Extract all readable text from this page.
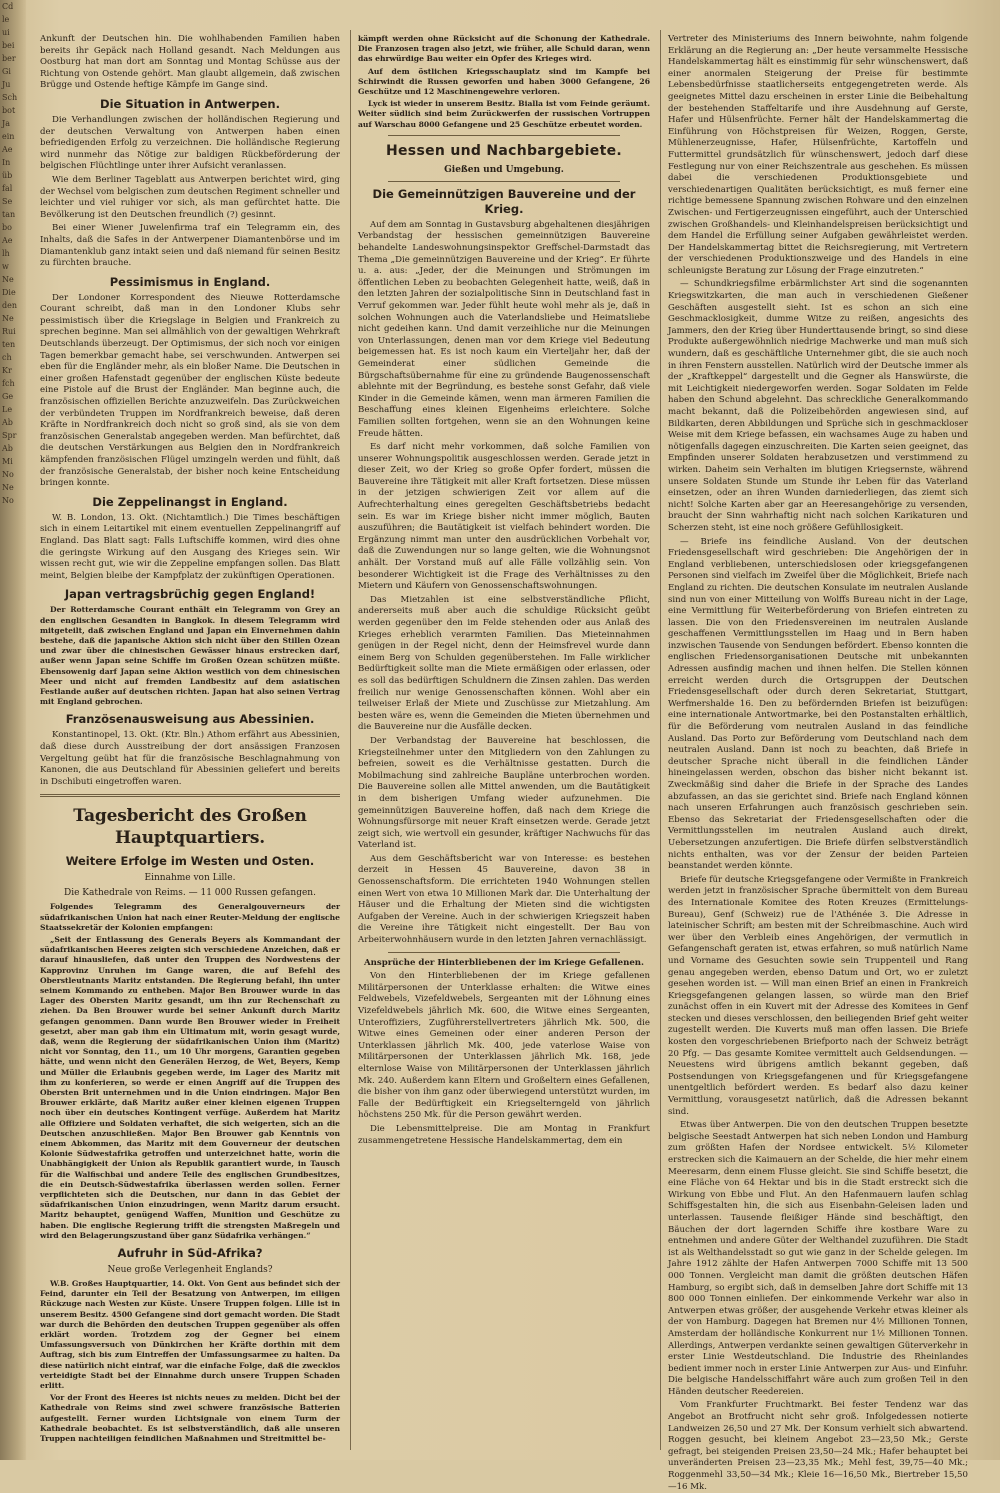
Cd
le
ui
bei
ber
Gi
Ju
Sch
bot
Ja
ein
Ae
In
üb
fal
Se
tan
bo
Ae
lh
w
Ne
Die
den
Ne
Rui
ten
ch
Kr
fch
Ge
Le
Ab
Spr
Ab
Mi
No
Ne
No

Ankunft der Deutschen hin. Die wohlhabenden Familien haben bereits ihr Gepäck nach Holland gesandt. Nach Meldungen aus Oostburg hat man dort am Sonntag und Montag Schüsse aus der Richtung von Ostende gehört. Man glaubt allgemein, daß zwischen Brügge und Ostende heftige Kämpfe im Gange sind.

Die Situation in Antwerpen.

Die Verhandlungen zwischen der holländischen Regierung und der deutschen Verwaltung von Antwerpen haben einen befriedigenden Erfolg zu verzeichnen. Die holländische Regierung wird nunmehr das Nötige zur baldigen Rückbeförderung der belgischen Flüchtlinge unter ihrer Aufsicht veranlassen.

Wie dem Berliner Tageblatt aus Antwerpen berichtet wird, ging der Wechsel vom belgischen zum deutschen Regiment schneller und leichter und viel ruhiger vor sich, als man gefürchtet hatte. Die Bevölkerung ist den Deutschen freundlich (?) gesinnt.

Bei einer Wiener Juwelenfirma traf ein Telegramm ein, des Inhalts, daß die Safes in der Antwerpener Diamantenbörse und im Diamantenklub ganz intakt seien und daß niemand für seinen Besitz zu fürchten brauche.

Pessimismus in England.

Der Londoner Korrespondent des Nieuwe Rotterdamsche Courant schreibt, daß man in den Londoner Klubs sehr pessimistisch über die Kriegslage in Belgien und Frankreich zu sprechen beginne. Man sei allmählich von der gewaltigen Wehrkraft Deutschlands überzeugt. Der Optimismus, der sich noch vor einigen Tagen bemerkbar gemacht habe, sei verschwunden. Antwerpen sei eben für die Engländer mehr, als ein bloßer Name. Die Deutschen in einer großen Hafenstadt gegenüber der englischen Küste bedeute eine Pistole auf die Brust der Engländer. Man beginne auch, die französischen offiziellen Berichte anzuzweifeln. Das Zurückweichen der verbündeten Truppen im Nordfrankreich beweise, daß deren Kräfte in Nordfrankreich doch nicht so groß sind, als sie von dem französischen Generalstab angegeben werden. Man befürchtet, daß die deutschen Verstärkungen aus Belgien den in Nordfrankreich kämpfenden französischen Flügel umzingeln werden und fühlt, daß der französische Generalstab, der bisher noch keine Entscheidung bringen konnte.

Die Zeppelinangst in England.

W. B. London, 13. Okt. (Nichtamtlich.) Die Times beschäftigen sich in einem Leitartikel mit einem eventuellen Zeppelinangriff auf England. Das Blatt sagt: Falls Luftschiffe kommen, wird dies ohne die geringste Wirkung auf den Ausgang des Krieges sein. Wir wissen recht gut, wie wir die Zeppeline empfangen sollen. Das Blatt meint, Belgien bleibe der Kampfplatz der zukünftigen Operationen.

Japan vertragsbrüchig gegen England!

Der Rotterdamsche Courant enthält ein Telegramm von Grey an den englischen Gesandten in Bangkok. In diesem Telegramm wird mitgeteilt, daß zwischen England und Japan ein Einvernehmen dahin bestehe, daß die japanische Aktion sich nicht über den Stillen Ozean und zwar über die chinesischen Gewässer hinaus erstrecken darf, außer wenn Japan seine Schiffe im Großen Ozean schützen müßte. Ebensowenig darf Japan seine Aktion westlich von dem chinesischen Meer und nicht auf fremden Landbesitz auf dem asiatischen Festlande außer auf deutschen richten. Japan hat also seinen Vertrag mit England gebrochen.

Französenausweisung aus Abessinien.

Konstantinopel, 13. Okt. (Ktr. Bln.) Athom erfährt aus Abessinien, daß diese durch Ausstreibung der dort ansässigen Franzosen Vergeltung geübt hat für die französische Beschlagnahmung von Kanonen, die aus Deutschland für Abessinien geliefert und bereits in Dschibuti eingetroffen waren.

Tagesbericht des Großen Hauptquartiers.
Weitere Erfolge im Westen und Osten.
Einnahme von Lille.
Die Kathedrale von Reims. — 11 000 Russen gefangen.

Folgendes Telegramm des Generalgouverneurs der südafrikanischen Union hat nach einer Reuter-Meldung der englische Staatssekretär der Kolonien empfangen:

„Seit der Entlassung des Generals Beyers als Kommandant der südafrikanischen Heeres zeigten sich verschiedene Anzeichen, daß er darauf hinausliefen, daß unter den Truppen des Nordwestens der Kapprovinz Unruhen im Gange waren, die auf Befehl des Oberstleutnants Maritz entstanden. Die Regierung befahl, ihn unter seinem Kommando zu entheben. Major Ben Brouwer wurde in das Lager des Obersten Maritz gesandt, um ihn zur Rechenschaft zu ziehen. Da Ben Brouwer wurde bei seiner Ankunft durch Maritz gefangen genommen. Dann wurde Ben Brouwer wieder in Freiheit gesetzt, aber man gab ihm ein Ultimatum mit, worin gesagt wurde, daß, wenn die Regierung der südafrikanischen Union ihm (Maritz) nicht vor Sonntag, den 11., um 10 Uhr morgens, Garantien gegeben hätte, und wenn nicht den Generälen Herzog, de Wet, Beyers, Kemp und Müller die Erlaubnis gegeben werde, im Lager des Maritz mit ihm zu konferieren, so werde er einen Angriff auf die Truppen des Obersten Brit unternehmen und in die Union eindringen. Major Ben Brouwer erklärte, daß Maritz außer einer kleinen eigenen Truppen noch über ein deutsches Kontingent verfüge. Außerdem hat Maritz alle Offiziere und Soldaten verhaftet, die sich weigerten, sich an die Deutschen anzuschließen. Major Ben Brouwer gab Kenntnis von einem Abkommen, das Maritz mit dem Gouverneur der deutschen Kolonie Südwestafrika getroffen und unterzeichnet hatte, worin die Unabhängigkeit der Union als Republik garantiert wurde, in Tausch für die Walfischbai und andere Teile des englischen Grundbesitzes, die ein Deutsch-Südwestafrika überlassen werden sollen. Ferner verpflichteten sich die Deutschen, nur dann in das Gebiet der südafrikanischen Union einzudringen, wenn Maritz darum ersucht. Maritz behauptet, genügend Waffen, Munition und Geschütze zu haben. Die englische Regierung trifft die strengsten Maßregeln und wird den Belagerungszustand über ganz Südafrika verhängen.“

Aufruhr in Süd-Afrika?
Neue große Verlegenheit Englands?

W.B. Großes Hauptquartier, 14. Okt. Von Gent aus befindet sich der Feind, darunter ein Teil der Besatzung von Antwerpen, im eiligen Rückzuge nach Westen zur Küste. Unsere Truppen folgen. Lille ist in unserem Besitz. 4500 Gefangene sind dort gemacht worden. Die Stadt war durch die Behörden den deutschen Truppen gegenüber als offen erklärt worden. Trotzdem zog der Gegner bei einem Umfassungsversuch von Dünkirchen her Kräfte dorthin mit dem Auftrag, sich bis zum Eintreffen der Umfassungsarmee zu halten. Da diese natürlich nicht eintraf, war die einfache Folge, daß die zwecklos verteidigte Stadt bei der Einnahme durch unsere Truppen Schaden erlitt.

Vor der Front des Heeres ist nichts neues zu melden. Dicht bei der Kathedrale von Reims sind zwei schwere französische Batterien aufgestellt. Ferner wurden Lichtsignale von einem Turm der Kathedrale beobachtet. Es ist selbstverständlich, daß alle unseren Truppen nachteiligen feindlichen Maßnahmen und Streitmittel be-

kämpft werden ohne Rücksicht auf die Schonung der Kathedrale. Die Franzosen tragen also jetzt, wie früher, alle Schuld daran, wenn das ehrwürdige Bau weiter ein Opfer des Krieges wird.

Auf dem östlichen Kriegsschauplatz sind im Kampfe bei Schirwindt die Russen geworfen und haben 3000 Gefangene, 26 Geschütze und 12 Maschinengewehre verloren.

Lyck ist wieder in unserem Besitz. Bialla ist vom Feinde geräumt. Weiter südlich sind beim Zurückwerfen der russischen Vortruppen auf Warschau 8000 Gefangene und 25 Geschütze erbeutet worden.

Hessen und Nachbargebiete.
Gießen und Umgebung.
Die Gemeinnützigen Bauvereine und der Krieg.

Auf dem am Sonntag in Gustavsburg abgehaltenen diesjährigen Verbandstag der hessischen gemeinnützigen Bauvereine behandelte Landeswohnungsinspektor Greffschel-Darmstadt das Thema „Die gemeinnützigen Bauvereine und der Krieg“. Er führte u. a. aus: „Jeder, der die Meinungen und Strömungen im öffentlichen Leben zu beobachten Gelegenheit hatte, weiß, daß in den letzten Jahren der sozialpolitische Sinn in Deutschland fast in Verruf gekommen war. Jeder fühlt heute wohl mehr als je, daß in solchen Wohnungen auch die Vaterlandsliebe und Heimatsliebe nicht gedeihen kann. Und damit verzeihliche nur die Meinungen von Unterlassungen, denen man vor dem Kriege viel Bedeutung beigemessen hat. Es ist noch kaum ein Vierteljahr her, daß der Gemeinderat einer südlichen Gemeinde die Bürgschaftsübernahme für eine zu gründende Baugenossenschaft ablehnte mit der Begründung, es bestehe sonst Gefahr, daß viele Kinder in die Gemeinde kämen, wenn man ärmeren Familien die Beschaffung eines kleinen Eigenheims erleichtere. Solche Familien sollten fortgehen, wenn sie an den Wohnungen keine Freude hätten.

Es darf nicht mehr vorkommen, daß solche Familien von unserer Wohnungspolitik ausgeschlossen werden. Gerade jetzt in dieser Zeit, wo der Krieg so große Opfer fordert, müssen die Bauvereine ihre Tätigkeit mit aller Kraft fortsetzen. Diese müssen in der jetzigen schwierigen Zeit vor allem auf die Aufrechterhaltung eines geregelten Geschäftsbetriebs bedacht sein. Es war im Kriege bisher nicht immer möglich, Bauten auszuführen; die Bautätigkeit ist vielfach behindert worden. Die Ergänzung nimmt man unter den ausdrücklichen Vorbehalt vor, daß die Zuwendungen nur so lange gelten, wie die Wohnungsnot anhält. Der Vorstand muß auf alle Fälle vollzählig sein. Von besonderer Wichtigkeit ist die Frage des Verhältnisses zu den Mietern und Käufern von Genossenschaftswohnungen.

Das Mietzahlen ist eine selbstverständliche Pflicht, andererseits muß aber auch die schuldige Rücksicht geübt werden gegenüber den im Felde stehenden oder aus Anlaß des Krieges erheblich verarmten Familien. Das Mieteinnahmen genügen in der Regel nicht, denn der Heimsfrevel wurde dann einem Berg von Schulden gegenüberstehen. Im Falle wirklicher Bedürftigkeit sollte man die Miete ermäßigen oder erlassen, oder es soll das bedürftigen Schuldnern die Zinsen zahlen. Das werden freilich nur wenige Genossenschaften können. Wohl aber ein teilweiser Erlaß der Miete und Zuschüsse zur Mietzahlung. Am besten wäre es, wenn die Gemeinden die Mieten übernehmen und die Bauvereine nur die Ausfälle decken.

Der Verbandstag der Bauvereine hat beschlossen, die Kriegsteilnehmer unter den Mitgliedern von den Zahlungen zu befreien, soweit es die Verhältnisse gestatten. Durch die Mobilmachung sind zahlreiche Baupläne unterbrochen worden. Die Bauvereine sollen alle Mittel anwenden, um die Bautätigkeit in dem bisherigen Umfang wieder aufzunehmen. Die gemeinnützigen Bauvereine hoffen, daß nach dem Kriege die Wohnungsfürsorge mit neuer Kraft einsetzen werde. Gerade jetzt zeigt sich, wie wertvoll ein gesunder, kräftiger Nachwuchs für das Vaterland ist.

Aus dem Geschäftsbericht war von Interesse: es bestehen derzeit in Hessen 45 Bauvereine, davon 38 in Genossenschaftsform. Die errichteten 1940 Wohnungen stellen einen Wert von etwa 10 Millionen Mark dar. Die Unterhaltung der Häuser und die Erhaltung der Mieten sind die wichtigsten Aufgaben der Vereine. Auch in der schwierigen Kriegszeit haben die Vereine ihre Tätigkeit nicht eingestellt. Der Bau von Arbeiterwohnhäusern wurde in den letzten Jahren vernachlässigt.

Ansprüche der Hinterbliebenen der im Kriege Gefallenen.

Von den Hinterbliebenen der im Kriege gefallenen Militärpersonen der Unterklasse erhalten: die Witwe eines Feldwebels, Vizefeldwebels, Sergeanten mit der Löhnung eines Vizefeldwebels jährlich Mk. 600, die Witwe eines Sergeanten, Unteroffiziers, Zugführerstellvertreters jährlich Mk. 500, die Witwe eines Gemeinen oder einer anderen Person der Unterklassen jährlich Mk. 400, jede vaterlose Waise von Militärpersonen der Unterklassen jährlich Mk. 168, jede elternlose Waise von Militärpersonen der Unterklassen jährlich Mk. 240. Außerdem kann Eltern und Großeltern eines Gefallenen, die bisher von ihm ganz oder überwiegend unterstützt wurden, im Falle der Bedürftigkeit ein Kriegselterngeld von jährlich höchstens 250 Mk. für die Person gewährt werden.

Die Lebensmittelpreise. Die am Montag in Frankfurt zusammengetretene Hessische Handelskammertag, dem ein

Vertreter des Ministeriums des Innern beiwohnte, nahm folgende Erklärung an die Regierung an: „Der heute versammelte Hessische Handelskammertag hält es einstimmig für sehr wünschenswert, daß einer anormalen Steigerung der Preise für bestimmte Lebensbedürfnisse staatlicherseits entgegengetreten werde. Als geeignetes Mittel dazu erscheinen in erster Linie die Beibehaltung der bestehenden Staffeltarife und ihre Ausdehnung auf Gerste, Hafer und Hülsenfrüchte. Ferner hält der Handelskammertag die Einführung von Höchstpreisen für Weizen, Roggen, Gerste, Mühlenerzeugnisse, Hafer, Hülsenfrüchte, Kartoffeln und Futtermittel grundsätzlich für wünschenswert, jedoch darf diese Festlegung nur von einer Reichszentrale aus geschehen. Es müssen dabei die verschiedenen Produktionsgebiete und verschiedenartigen Qualitäten berücksichtigt, es muß ferner eine richtige bemessene Spannung zwischen Rohware und den einzelnen Zwischen- und Fertigerzeugnissen eingeführt, auch der Unterschied zwischen Großhandels- und Kleinhandelspreisen berücksichtigt und dem Handel die Erfüllung seiner Aufgaben gewährleistet werden. Der Handelskammertag bittet die Reichsregierung, mit Vertretern der verschiedenen Produktionszweige und des Handels in eine schleunigste Beratung zur Lösung der Frage einzutreten.“

— Schundkriegsfilme erbärmlichster Art sind die sogenannten Kriegswitzkarten, die man auch in verschiedenen Gießener Geschäften ausgestellt sieht. Ist es schon an sich eine Geschmacklosigkeit, dumme Witze zu reißen, angesichts des Jammers, den der Krieg über Hunderttausende bringt, so sind diese Produkte außergewöhnlich niedrige Machwerke und man muß sich wundern, daß es geschäftliche Unternehmer gibt, die sie auch noch in ihren Fenstern ausstellen. Natürlich wird der Deutsche immer als der „Kraftkeppel“ dargestellt und die Gegner als Hanswürste, die mit Leichtigkeit niedergeworfen werden. Sogar Soldaten im Felde haben den Schund abgelehnt. Das schreckliche Generalkommando macht bekannt, daß die Polizeibehörden angewiesen sind, auf Bildkarten, deren Abbildungen und Sprüche sich in geschmackloser Weise mit dem Kriege befassen, ein wachsames Auge zu haben und nötigenfalls dagegen einzuschreiten. Die Karten seien geeignet, das Empfinden unserer Soldaten herabzusetzen und verstimmend zu wirken. Daheim sein Verhalten im blutigen Kriegsernste, während unsere Soldaten Stunde um Stunde ihr Leben für das Vaterland einsetzen, oder an ihren Wunden darniederliegen, das ziemt sich nicht! Solche Karten aber gar an Heeresangehörige zu versenden, braucht der Sinn wahrhaftig nicht nach solchen Karikaturen und Scherzen steht, ist eine noch größere Gefühllosigkeit.

— Briefe ins feindliche Ausland. Von der deutschen Friedensgesellschaft wird geschrieben: Die Angehörigen der in England verbliebenen, unterschiedslosen oder kriegsgefangenen Personen sind vielfach im Zweifel über die Möglichkeit, Briefe nach England zu richten. Die deutschen Konsulate im neutralen Auslande sind nun von einer Mitteilung von Wolffs Bureau nicht in der Lage, eine Vermittlung für Weiterbeförderung von Briefen eintreten zu lassen. Die von den Friedensvereinen im neutralen Auslande geschaffenen Vermittlungsstellen im Haag und in Bern haben inzwischen Tausende von Sendungen befördert. Ebenso konnten die englischen Friedensorganisationen Deutsche mit unbekannten Adressen ausfindig machen und ihnen helfen. Die Stellen können erreicht werden durch die Ortsgruppen der Deutschen Friedensgesellschaft oder durch deren Sekretariat, Stuttgart, Werfmershalde 16. Den zu befördernden Briefen ist beizufügen: eine internationale Antwortmarke, bei den Postanstalten erhältlich, für die Beförderung vom neutralen Ausland in das feindliche Ausland. Das Porto zur Beförderung vom Deutschland nach dem neutralen Ausland. Dann ist noch zu beachten, daß Briefe in deutscher Sprache nicht überall in die feindlichen Länder hineingelassen werden, obschon das bisher nicht bekannt ist. Zweckmäßig sind daher die Briefe in der Sprache des Landes abzufassen, an das sie gerichtet sind. Briefe nach England können nach unseren Erfahrungen auch französisch geschrieben sein. Ebenso das Sekretariat der Friedensgesellschaften oder die Vermittlungsstellen im neutralen Ausland auch direkt, Uebersetzungen anzufertigen. Die Briefe dürfen selbstverständlich nichts enthalten, was vor der Zensur der beiden Parteien beanstandet werden könnte.

Briefe für deutsche Kriegsgefangene oder Vermißte in Frankreich werden jetzt in französischer Sprache übermittelt von dem Bureau des Internationale Komitee des Roten Kreuzes (Ermittelungs-Bureau), Genf (Schweiz) rue de l'Athénée 3. Die Adresse in lateinischer Schrift; am besten mit der Schreibmaschine. Auch wird wer über den Verbleib eines Angehörigen, der vermutlich in Gefangenschaft geraten ist, etwas erfahren, so muß natürlich Name und Vorname des Gesuchten sowie sein Truppenteil und Rang genau angegeben werden, ebenso Datum und Ort, wo er zuletzt gesehen worden ist. — Will man einen Brief an einen in Frankreich Kriegsgefangenen gelangen lassen, so würde man den Brief zunächst offen in ein Kuvert mit der Adresse des Komitees in Genf stecken und dieses verschlossen, den beiliegenden Brief geht weiter zugestellt werden. Die Kuverts muß man offen lassen. Die Briefe kosten den vorgeschriebenen Briefporto nach der Schweiz beträgt 20 Pfg. — Das gesamte Komitee vermittelt auch Geldsendungen. — Neuestens wird übrigens amtlich bekannt gegeben, daß Postsendungen von Kriegsgefangenen und für Kriegsgefangene unentgeltlich befördert werden. Es bedarf also dazu keiner Vermittlung, vorausgesetzt natürlich, daß die Adressen bekannt sind.

Etwas über Antwerpen. Die von den deutschen Truppen besetzte belgische Seestadt Antwerpen hat sich neben London und Hamburg zum größten Hafen der Nordsee entwickelt. 5½ Kilometer erstrecken sich die Kaimauern an der Schelde, die hier mehr einem Meeresarm, denn einem Flusse gleicht. Sie sind Schiffe besetzt, die eine Fläche von 64 Hektar und bis in die Stadt erstreckt sich die Wirkung von Ebbe und Flut. An den Hafenmauern laufen schlag Schiffsgestalten hin, die sich aus Eisenbahn-Geleisen laden und unterlassen. Tausende fleißiger Hände sind beschäftigt, den Bäuchen der dort lagernden Schiffe ihre kostbare Ware zu entnehmen und andere Güter der Welthandel zuzuführen. Die Stadt ist als Welthandelsstadt so gut wie ganz in der Schelde gelegen. Im Jahre 1912 zählte der Hafen Antwerpen 7000 Schiffe mit 13 500 000 Tonnen. Vergleicht man damit die größten deutschen Häfen Hamburg, so ergibt sich, daß in demselben Jahre dort Schiffe mit 13 800 000 Tonnen einliefen. Der einkommende Verkehr war also in Antwerpen etwas größer, der ausgehende Verkehr etwas kleiner als der von Hamburg. Dagegen hat Bremen nur 4½ Millionen Tonnen, Amsterdam der holländische Konkurrent nur 1½ Millionen Tonnen. Allerdings, Antwerpen verdankte seinen gewaltigen Güterverkehr in erster Linie Westdeutschland. Die Industrie des Rheinlandes bedient immer noch in erster Linie Antwerpen zur Aus- und Einfuhr. Die belgische Handelsschiffahrt wäre auch zum großen Teil in den Händen deutscher Reedereien.

Vom Frankfurter Fruchtmarkt. Bei fester Tendenz war das Angebot an Brotfrucht nicht sehr groß. Infolgedessen notierte Landweizen 26,50 und 27 Mk. Der Konsum verhielt sich abwartend. Roggen gesucht, bei kleinem Angebot 23—23,50 Mk.; Gerste gefragt, bei steigenden Preisen 23,50—24 Mk.; Hafer behauptet bei unveränderten Preisen 23—23,35 Mk.; Mehl fest, 39,75—40 Mk.; Roggenmehl 33,50—34 Mk.; Kleie 16—16,50 Mk., Biertreber 15,50—16 Mk.
